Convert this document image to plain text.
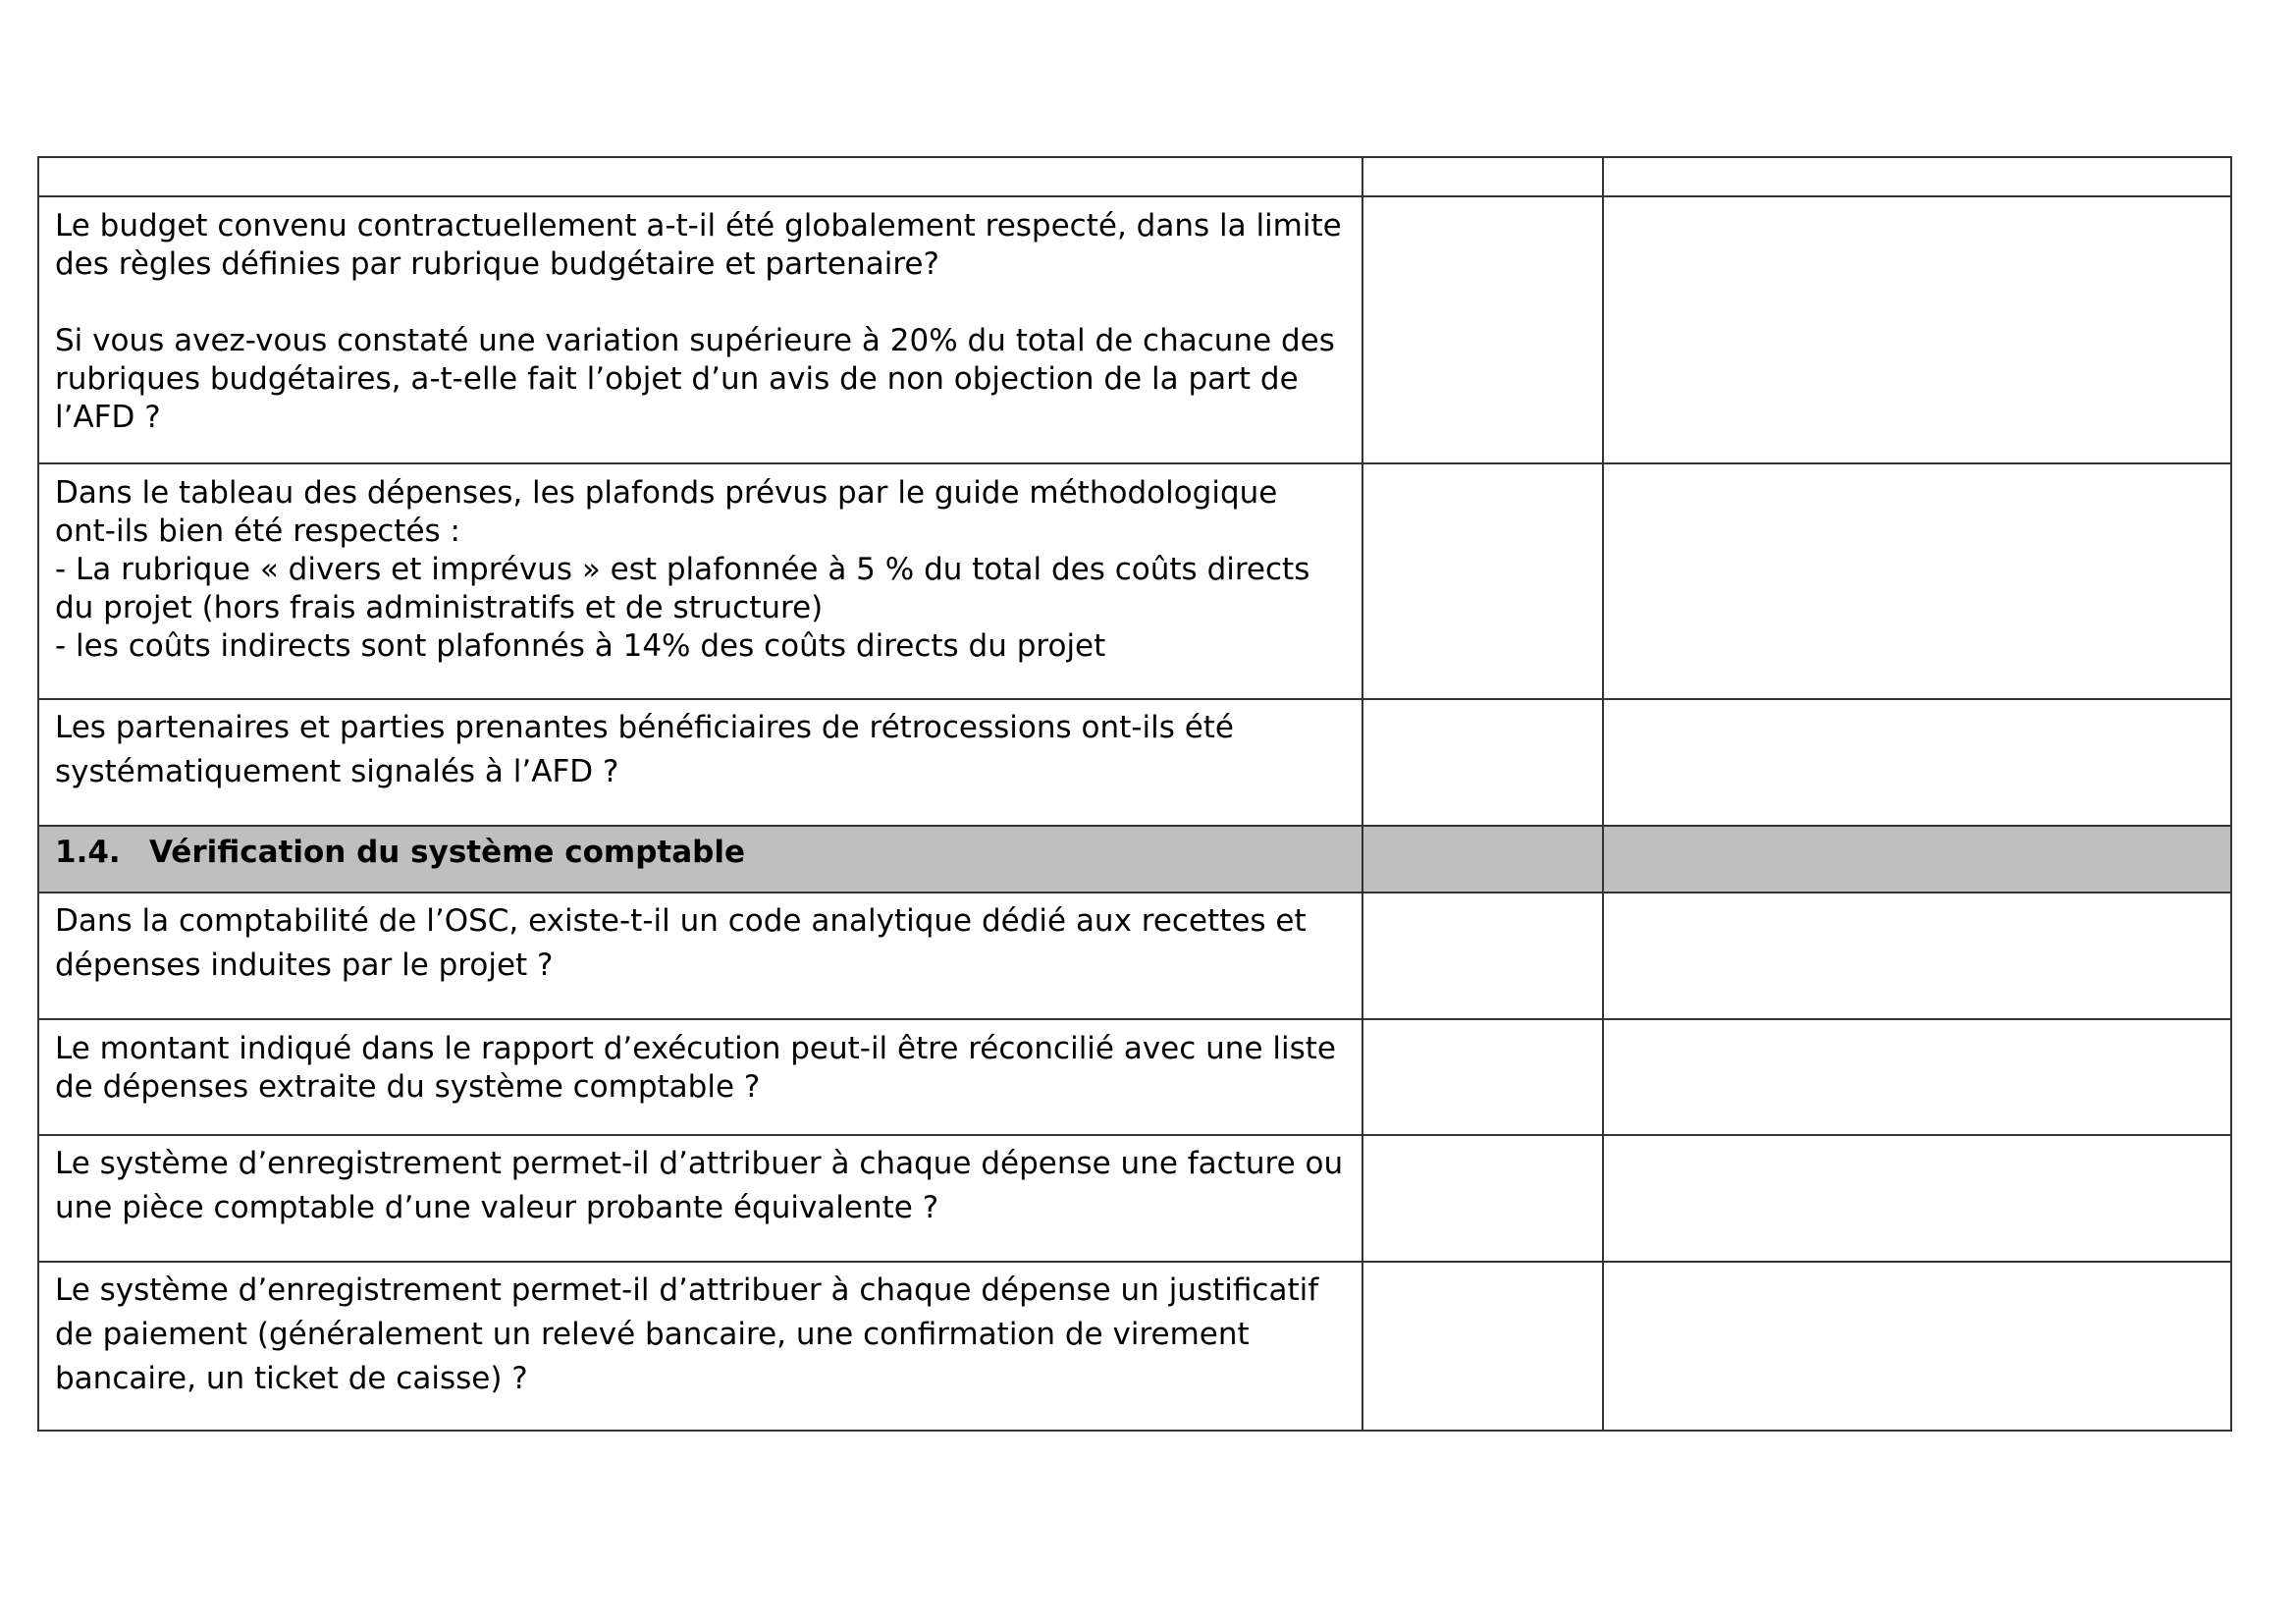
Le budget convenu contractuellement a-t-il été globalement respecté, dans la limite des règles définies par rubrique budgétaire et partenaire?

Si vous avez-vous constaté une variation supérieure à 20% du total de chacune des rubriques budgétaires, a-t-elle fait l’objet d’un avis de non objection de la part de l’AFD ?		

Dans le tableau des dépenses, les plafonds prévus par le guide méthodologique ont-ils bien été respectés :

- La rubrique « divers et imprévus » est plafonnée à 5 % du total des coûts directs du projet (hors frais administratifs et de structure)

- les coûts indirects sont plafonnés à 14% des coûts directs du projet		

Les partenaires et parties prenantes bénéficiaires de rétrocessions ont-ils été systématiquement signalés à l’AFD ?		

1.4. Vérification du système comptable		

Dans la comptabilité de l’OSC, existe-t-il un code analytique dédié aux recettes et dépenses induites par le projet ?		

Le montant indiqué dans le rapport d’exécution peut-il être réconcilié avec une liste de dépenses extraite du système comptable ?		

Le système d’enregistrement permet-il d’attribuer à chaque dépense une facture ou une pièce comptable d’une valeur probante équivalente ?		

Le système d’enregistrement permet-il d’attribuer à chaque dépense un justificatif de paiement (généralement un relevé bancaire, une confirmation de virement bancaire, un ticket de caisse) ?		
